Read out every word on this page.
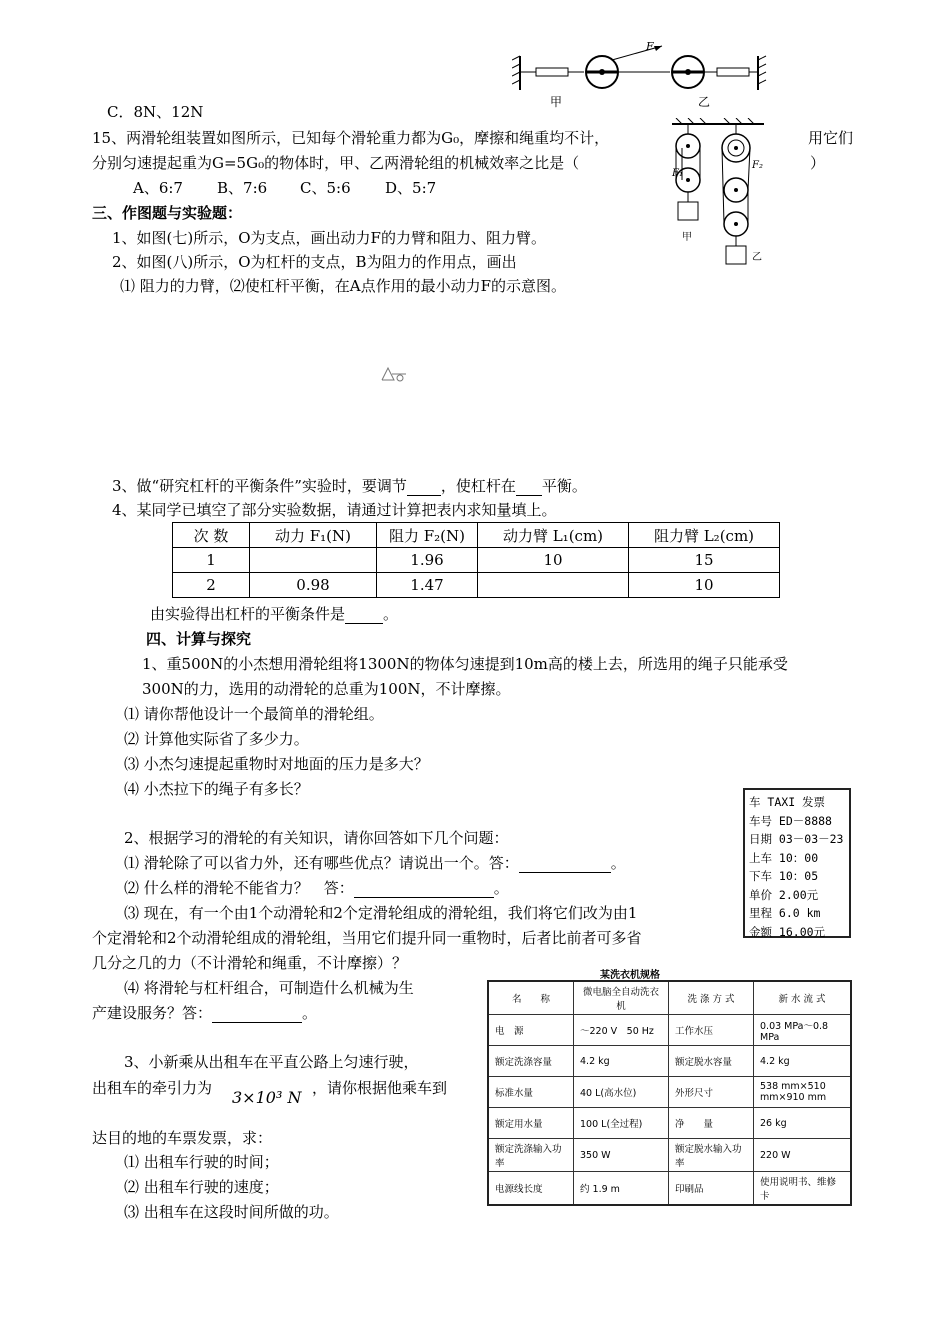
F
甲	乙
C．8N、12N
15、两滑轮组装置如图所示，已知每个滑轮重力都为G₀，摩擦和绳重均不计，	用它们
分别匀速提起重为G=5G₀的物体时，甲、乙两滑轮组的机械效率之比是（	）
A、6:7 B、7:6 C、5:6 D、5:7
F₁
甲
F₂
乙
三、作图题与实验题：
1、如图(七)所示，O为支点，画出动力F的力臂和阻力、阻力臂。
2、如图(八)所示，O为杠杆的支点，B为阻力的作用点，画出
⑴ 阻力的力臂，⑵使杠杆平衡，在A点作用的最小动力F的示意图。
3、做“研究杠杆的平衡条件”实验时，要调节 ，使杠杆在 平衡。
4、某同学已填空了部分实验数据，请通过计算把表内求知量填上。
次 数	动力 F₁(N)	阻力 F₂(N)	动力臂 L₁(cm)	阻力臂 L₂(cm)
1		1.96	10	15
2	0.98	1.47		10
由实验得出杠杆的平衡条件是	。
四、计算与探究
1、重500N的小杰想用滑轮组将1300N的物体匀速提到10m高的楼上去，所选用的绳子只能承受
300N的力，选用的动滑轮的总重为100N，不计摩擦。
⑴ 请你帮他设计一个最简单的滑轮组。
⑵ 计算他实际省了多少力。
⑶ 小杰匀速提起重物时对地面的压力是多大？
⑷ 小杰拉下的绳子有多长？
2、根据学习的滑轮的有关知识，请你回答如下几个问题：
⑴ 滑轮除了可以省力外，还有哪些优点？请说出一个。答：	。
⑵ 什么样的滑轮不能省力？　答：	。
⑶ 现在，有一个由1个动滑轮和2个定滑轮组成的滑轮组，我们将它们改为由1
个定滑轮和2个动滑轮组成的滑轮组，当用它们提升同一重物时，后者比前者可多省
几分之几的力（不计滑轮和绳重，不计摩擦）？
⑷ 将滑轮与杠杆组合，可制造什么机械为生
产建设服务？答：	。
3、小新乘从出租车在平直公路上匀速行驶，
出租车的牵引力为 3×10³ N ，请你根据他乘车到
达目的地的车票发票，求：
⑴ 出租车行驶的时间；
⑵ 出租车行驶的速度；
⑶ 出租车在这段时间所做的功。
车 TAXI 发票
车号 ED－8888
日期 03－03－23
上车 10：00
下车 10：05
单价 2.00元
里程 6.0 km
金额 16.00元
某洗衣机规格
名　　称	微电脑全自动洗衣机	洗 涤 方 式	新 水 流 式
电　源	～220 V　50 Hz	工作水压	0.03 MPa～0.8 MPa
额定洗涤容量	4.2 kg	额定脱水容量	4.2 kg
标准水量	40 L(高水位)	外形尺寸	538 mm×510 mm×910 mm
额定用水量	100 L(全过程)	净　　量	26 kg
额定洗涤输入功率	350 W	额定脱水输入功率	220 W
电源线长度	约 1.9 m	印刷品	使用说明书、维修卡
